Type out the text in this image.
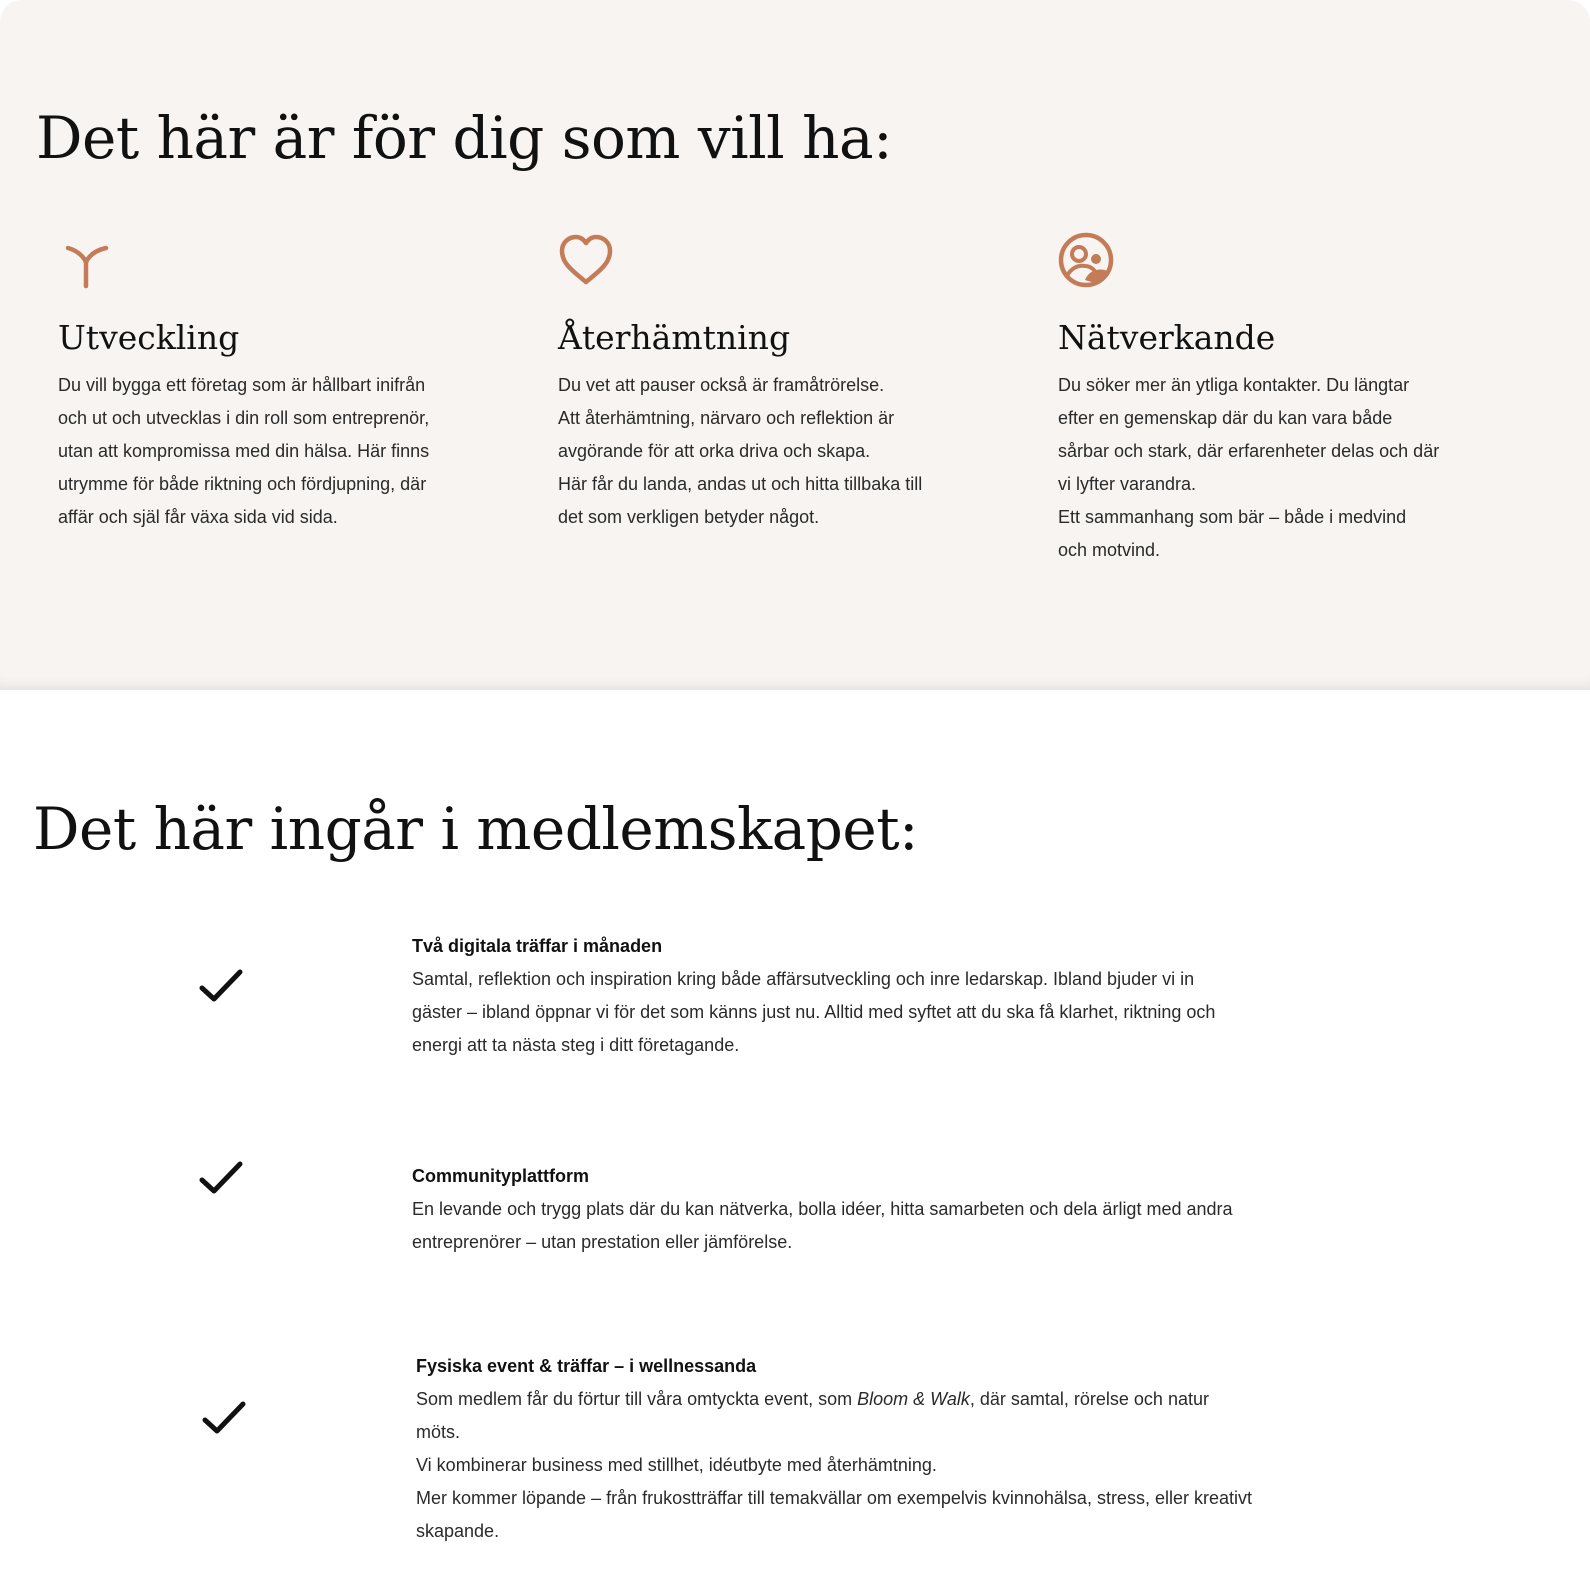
Det här är för dig som vill ha:
Utveckling
Du vill bygga ett företag som är hållbart inifrån
och ut och utvecklas i din roll som entreprenör,
utan att kompromissa med din hälsa. Här finns
utrymme för både riktning och fördjupning, där
affär och själ får växa sida vid sida.
Återhämtning
Du vet att pauser också är framåtrörelse.
Att återhämtning, närvaro och reflektion är
avgörande för att orka driva och skapa.
Här får du landa, andas ut och hitta tillbaka till
det som verkligen betyder något.
Nätverkande
Du söker mer än ytliga kontakter. Du längtar
efter en gemenskap där du kan vara både
sårbar och stark, där erfarenheter delas och där
vi lyfter varandra.
Ett sammanhang som bär – både i medvind
och motvind.
Det här ingår i medlemskapet:
Två digitala träffar i månaden
Samtal, reflektion och inspiration kring både affärsutveckling och inre ledarskap. Ibland bjuder vi in
gäster – ibland öppnar vi för det som känns just nu. Alltid med syftet att du ska få klarhet, riktning och
energi att ta nästa steg i ditt företagande.
Communityplattform
En levande och trygg plats där du kan nätverka, bolla idéer, hitta samarbeten och dela ärligt med andra
entreprenörer – utan prestation eller jämförelse.
Fysiska event & träffar – i wellnessanda
Som medlem får du förtur till våra omtyckta event, som Bloom & Walk, där samtal, rörelse och natur
möts.
Vi kombinerar business med stillhet, idéutbyte med återhämtning.
Mer kommer löpande – från frukostträffar till temakvällar om exempelvis kvinnohälsa, stress, eller kreativt
skapande.
